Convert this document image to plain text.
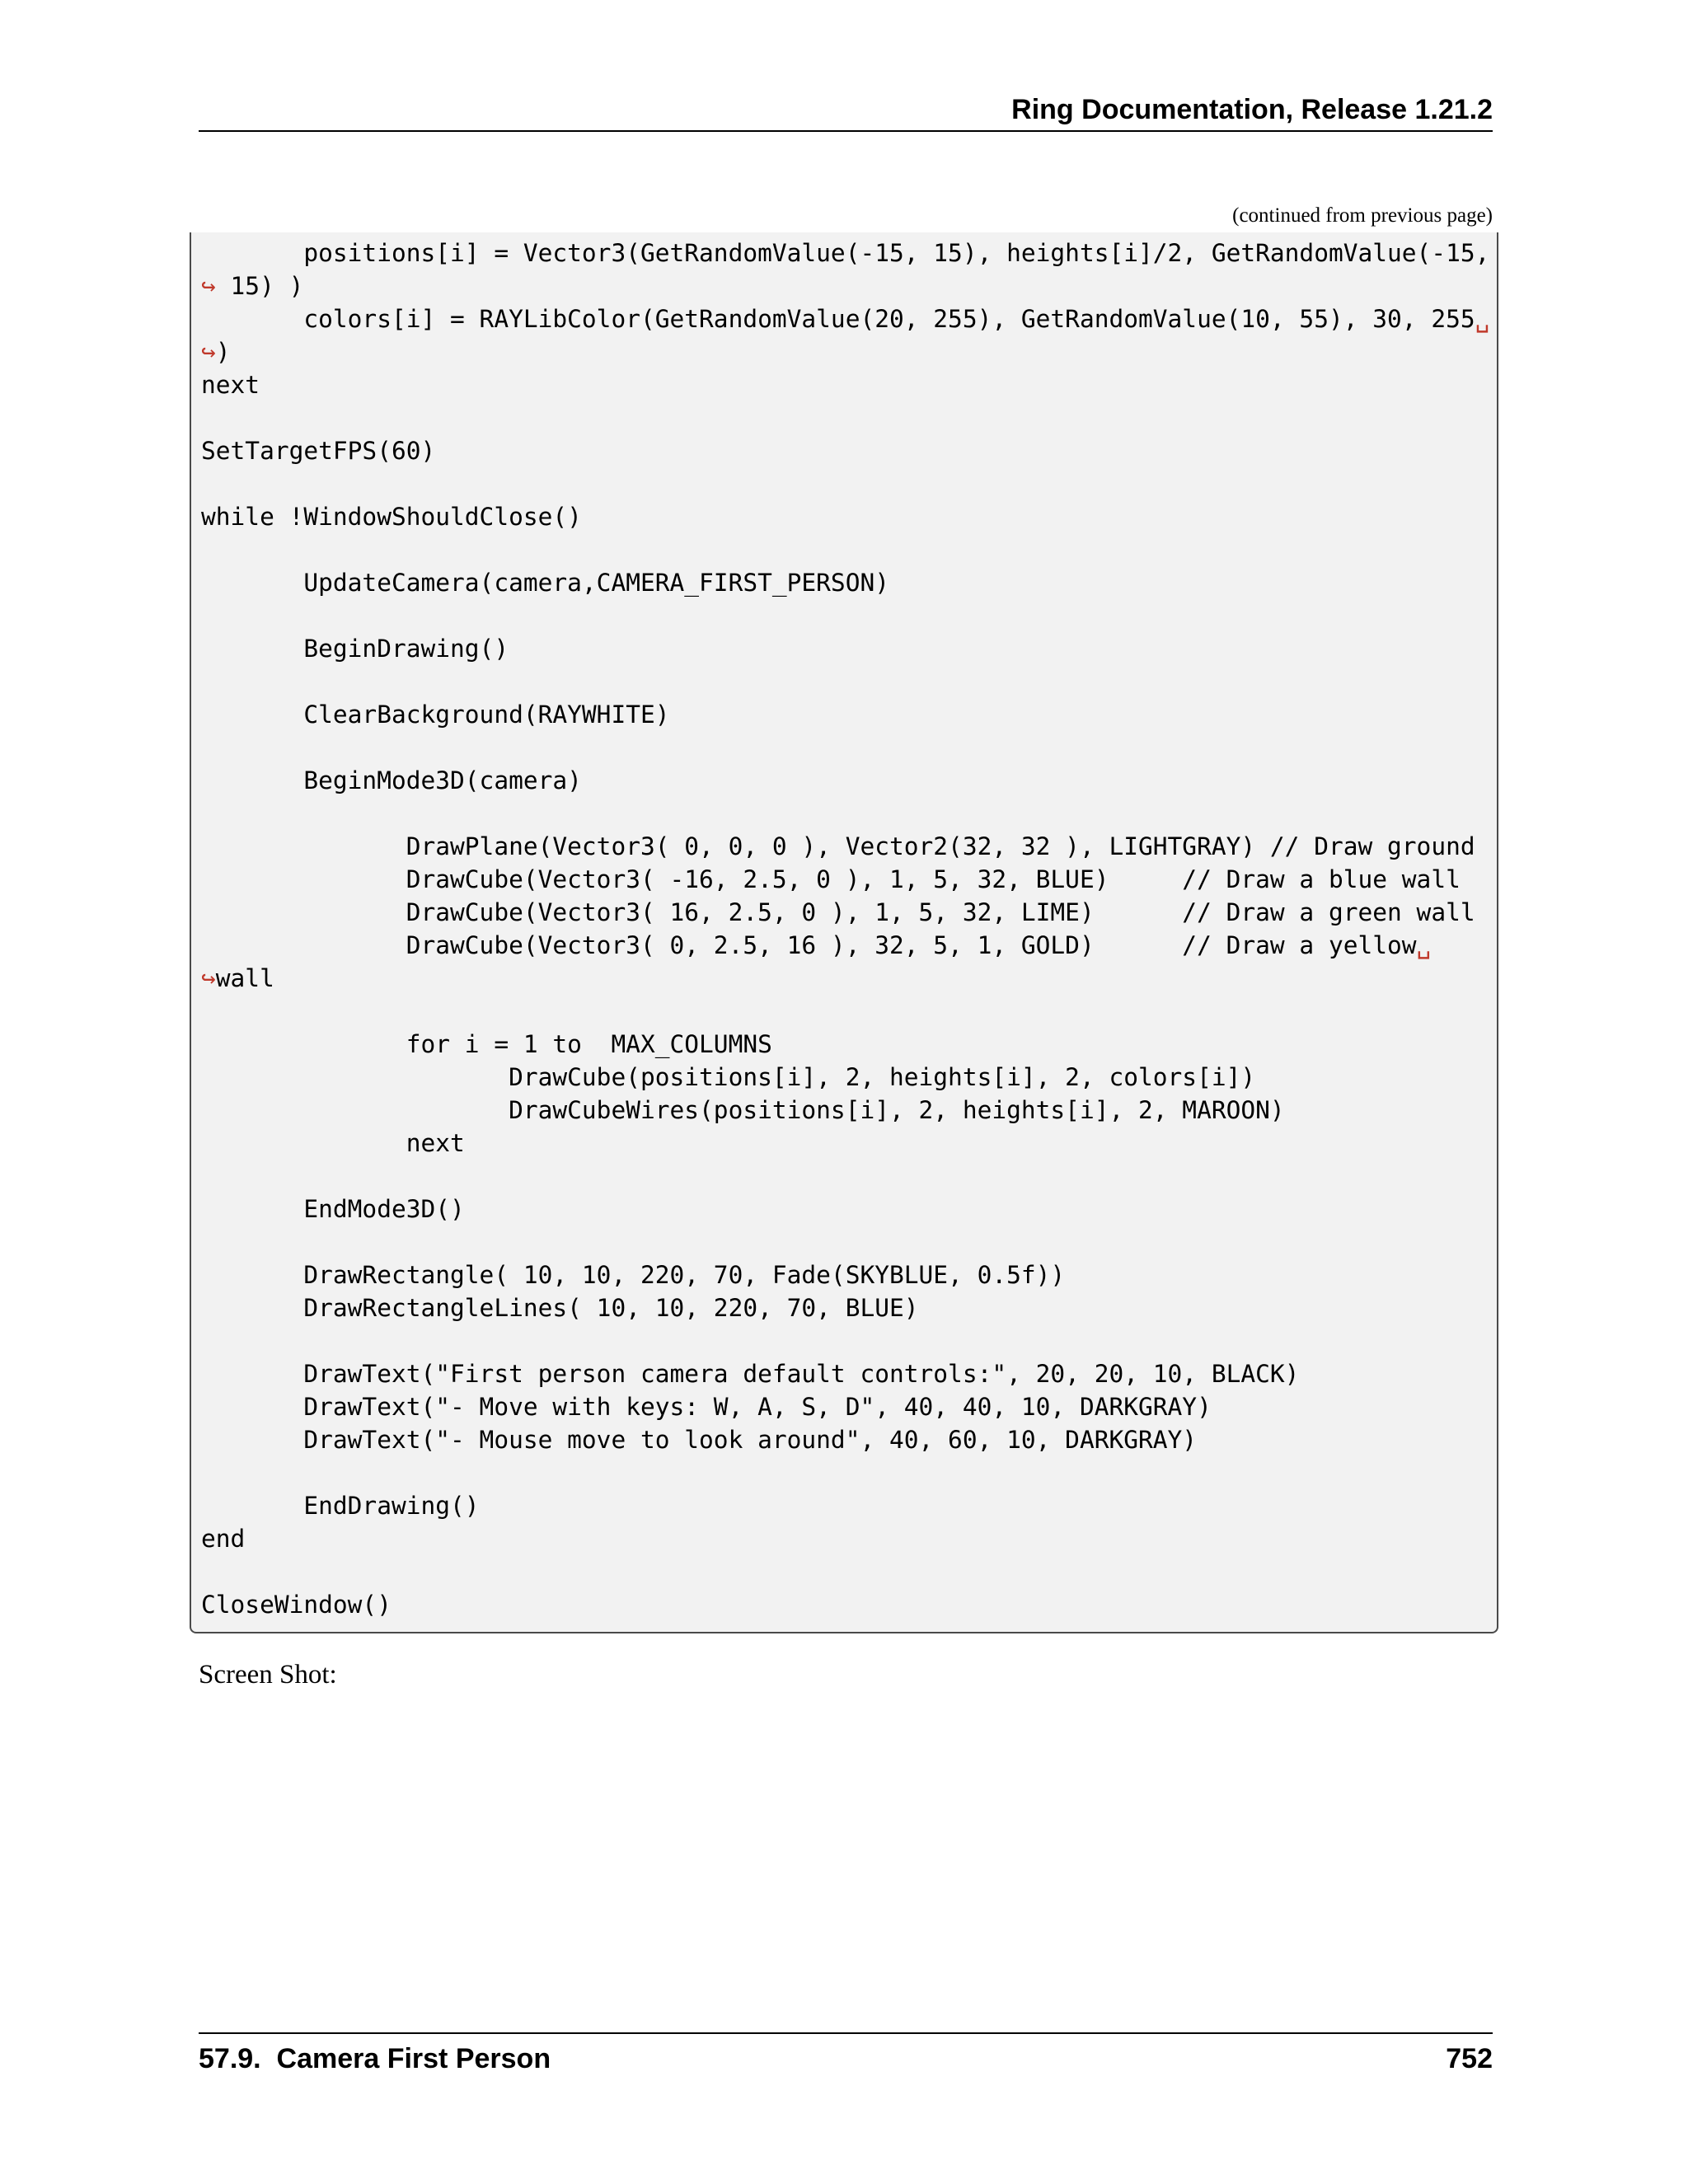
Ring Documentation, Release 1.21.2
(continued from previous page)
positions[i] = Vector3(GetRandomValue(-15, 15), heights[i]/2, GetRandomValue(-15,
↪ 15) )
colors[i] = RAYLibColor(GetRandomValue(20, 255), GetRandomValue(10, 55), 30, 255␣
↪)
next

SetTargetFPS(60)

while !WindowShouldClose()

UpdateCamera(camera,CAMERA_FIRST_PERSON)

BeginDrawing()

ClearBackground(RAYWHITE)

BeginMode3D(camera)

DrawPlane(Vector3( 0, 0, 0 ), Vector2(32, 32 ), LIGHTGRAY) // Draw ground
DrawCube(Vector3( -16, 2.5, 0 ), 1, 5, 32, BLUE)	// Draw a blue wall
DrawCube(Vector3( 16, 2.5, 0 ), 1, 5, 32, LIME)	// Draw a green wall
DrawCube(Vector3( 0, 2.5, 16 ), 32, 5, 1, GOLD)	// Draw a yellow␣
↪wall

for i = 1 to MAX_COLUMNS
DrawCube(positions[i], 2, heights[i], 2, colors[i])
DrawCubeWires(positions[i], 2, heights[i], 2, MAROON)
next

EndMode3D()

DrawRectangle( 10, 10, 220, 70, Fade(SKYBLUE, 0.5f))
DrawRectangleLines( 10, 10, 220, 70, BLUE)

DrawText("First person camera default controls:", 20, 20, 10, BLACK)
DrawText("- Move with keys: W, A, S, D", 40, 40, 10, DARKGRAY)
DrawText("- Mouse move to look around", 40, 60, 10, DARKGRAY)

EndDrawing()
end

CloseWindow()
Screen Shot:
57.9.  Camera First Person	752
